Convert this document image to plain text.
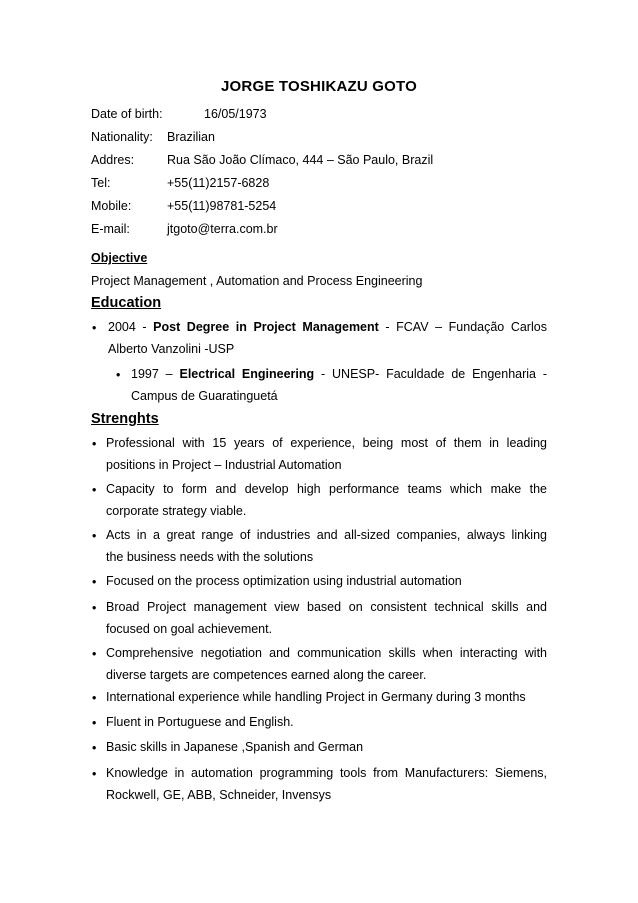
JORGE TOSHIKAZU GOTO
Date of birth:	16/05/1973
Nationality: Brazilian
Addres:	Rua São João Clímaco, 444 – São Paulo, Brazil
Tel:	+55(11)2157-6828
Mobile:	+55(11)98781-5254
E-mail:	jtgoto@terra.com.br
Objective
Project Management , Automation and Process Engineering
Education
• 2004 - Post Degree in Project Management - FCAV – Fundação Carlos
Alberto Vanzolini -USP
• 1997 – Electrical Engineering - UNESP- Faculdade de Engenharia -
Campus de Guaratinguetá
Strenghts
• Professional with 15 years of experience, being most of them in leading
positions in Project – Industrial Automation
• Capacity to form and develop high performance teams which make the
corporate strategy viable.
• Acts in a great range of industries and all-sized companies, always linking
the business needs with the solutions
• Focused on the process optimization using industrial automation
• Broad Project management view based on consistent technical skills and
focused on goal achievement.
• Comprehensive negotiation and communication skills when interacting with
diverse targets are competences earned along the career.
• International experience while handling Project in Germany during 3 months
• Fluent in Portuguese and English.
• Basic skills in Japanese ,Spanish and German
• Knowledge in automation programming tools from Manufacturers: Siemens,
Rockwell, GE, ABB, Schneider, Invensys
